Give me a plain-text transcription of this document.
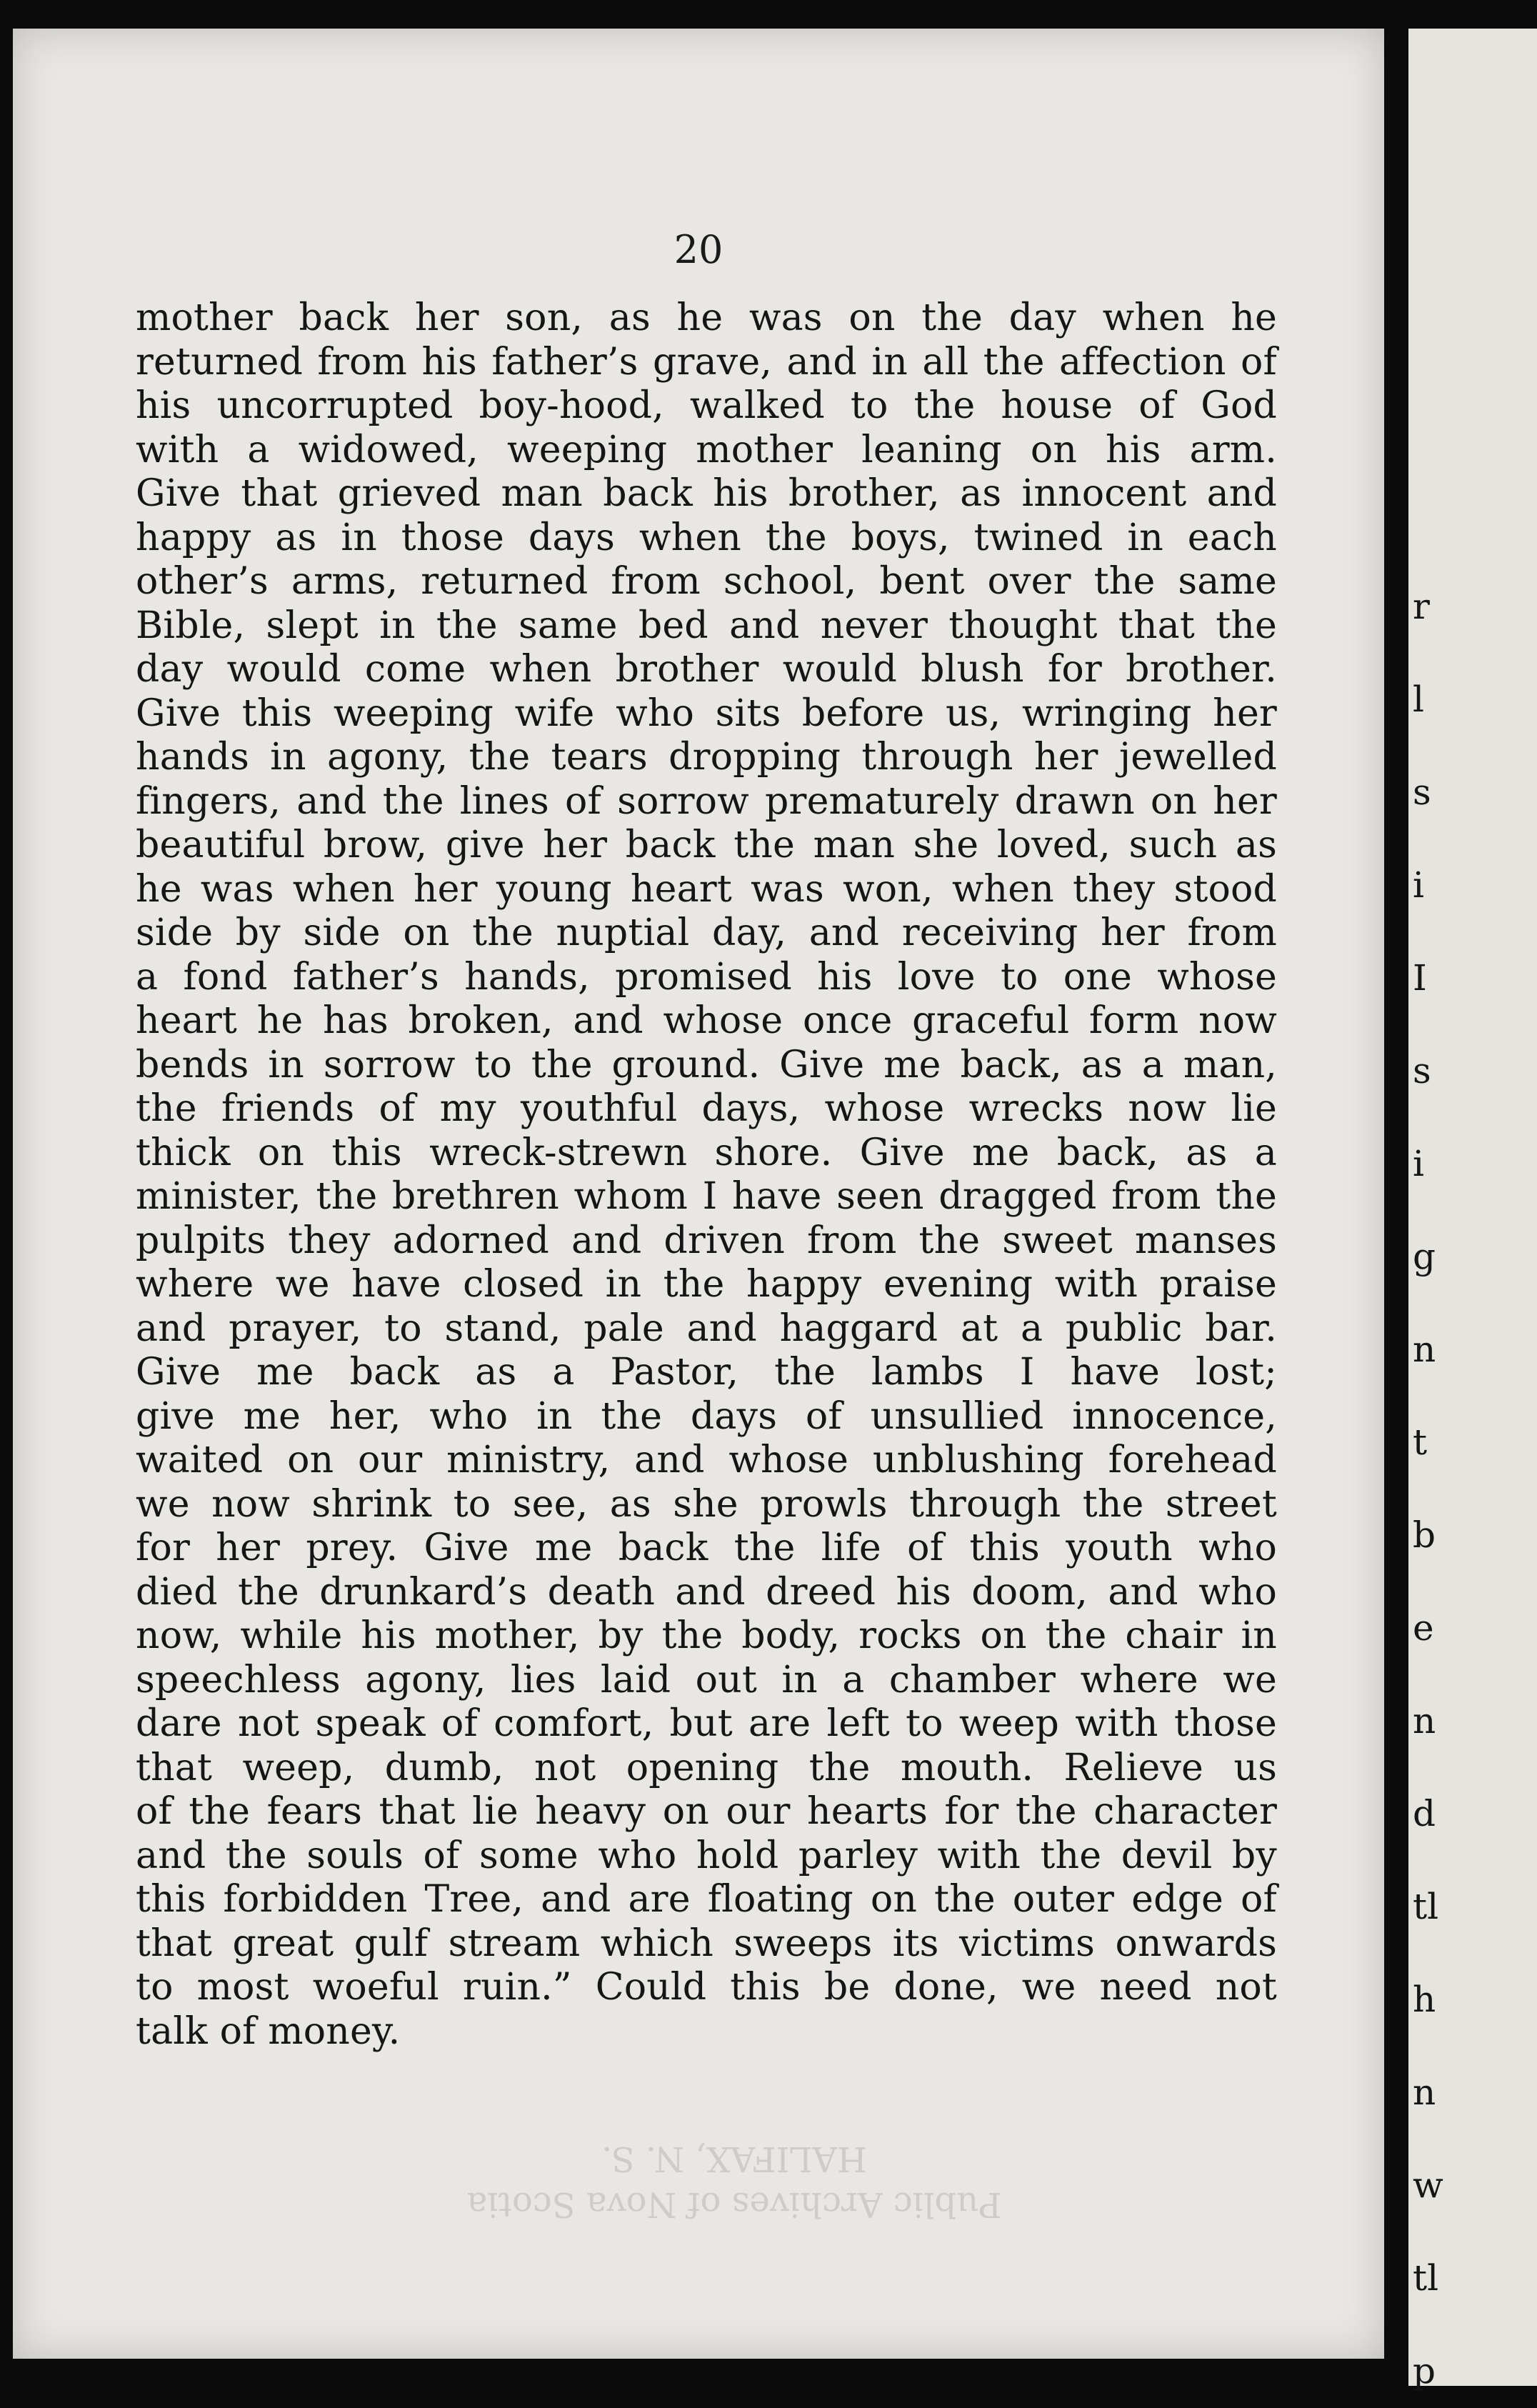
20
mother back her son, as he was on the day when he
returned from his father’s grave, and in all the affection of
his uncorrupted boy-hood, walked to the house of God
with a widowed, weeping mother leaning on his arm.
Give that grieved man back his brother, as innocent and
happy as in those days when the boys, twined in each
other’s arms, returned from school, bent over the same
Bible, slept in the same bed and never thought that the
day would come when brother would blush for brother.
Give this weeping wife who sits before us, wringing her
hands in agony, the tears dropping through her jewelled
fingers, and the lines of sorrow prematurely drawn on her
beautiful brow, give her back the man she loved, such as
he was when her young heart was won, when they stood
side by side on the nuptial day, and receiving her from
a fond father’s hands, promised his love to one whose
heart he has broken, and whose once graceful form now
bends in sorrow to the ground. Give me back, as a man,
the friends of my youthful days, whose wrecks now lie
thick on this wreck-strewn shore. Give me back, as a
minister, the brethren whom I have seen dragged from the
pulpits they adorned and driven from the sweet manses
where we have closed in the happy evening with praise
and prayer, to stand, pale and haggard at a public bar.
Give me back as a Pastor, the lambs I have lost;
give me her, who in the days of unsullied innocence,
waited on our ministry, and whose unblushing forehead
we now shrink to see, as she prowls through the street
for her prey. Give me back the life of this youth who
died the drunkard’s death and dreed his doom, and who
now, while his mother, by the body, rocks on the chair in
speechless agony, lies laid out in a chamber where we
dare not speak of comfort, but are left to weep with those
that weep, dumb, not opening the mouth. Relieve us
of the fears that lie heavy on our hearts for the character
and the souls of some who hold parley with the devil by
this forbidden Tree, and are floating on the outer edge of
that great gulf stream which sweeps its victims onwards
to most woeful ruin.” Could this be done, we need not
talk of money.
Public Archives of Nova Scotia
HALIFAX, N. S.
r
l
s
i
I
s
i
g
n
t
b
e
n
d
tl
h
n
w
tl
p
